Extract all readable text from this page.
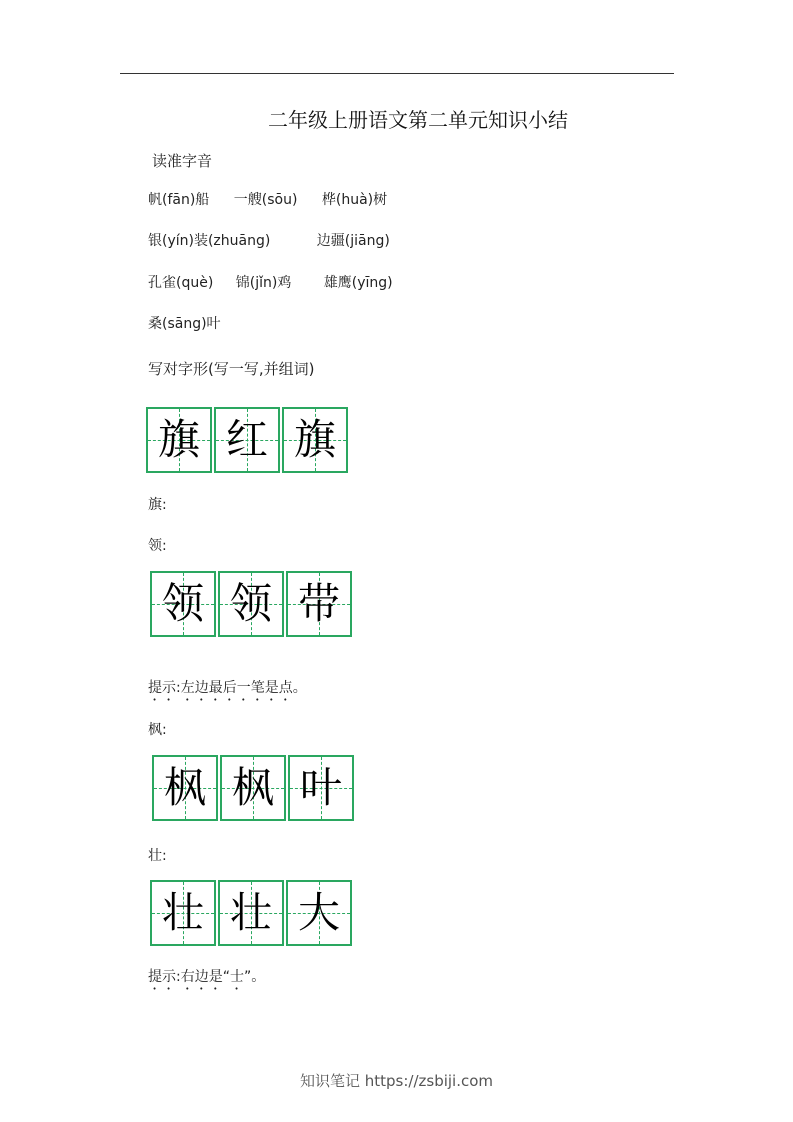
二年级上册语文第二单元知识小结
读准字音
帆(fān)船 一艘(sōu) 桦(huà)树
银(yín)装(zhuāng)	边疆(jiāng)
孔雀(què) 锦(jǐn)鸡 雄鹰(yīng)
桑(sāng)叶
写对字形(写一写,并组词)
旗 红 旗
旗:
领:
领 领 带
提示:左边最后一笔是点。
枫:
枫 枫 叶
壮:
壮 壮 大
提示:右边是“士”。
知识笔记 https://zsbiji.com
